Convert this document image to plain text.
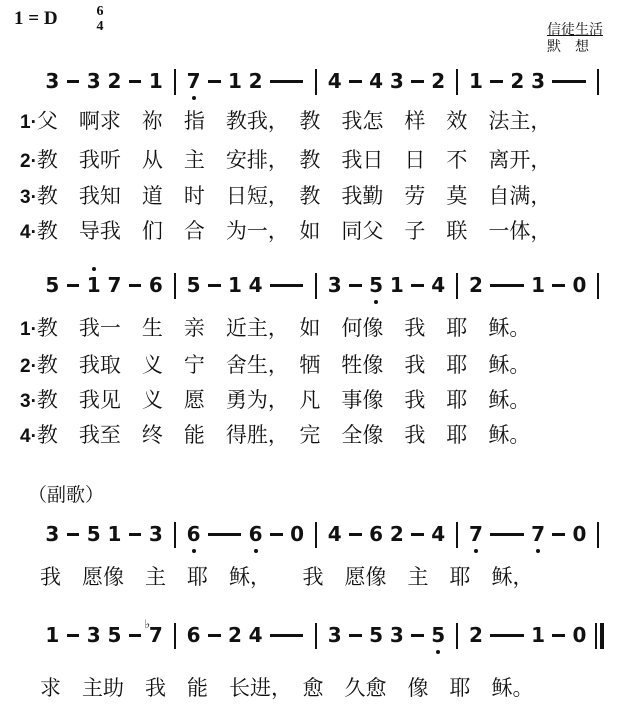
1 = D	6
4	信徒生活
默想
3 3 2 1 7 1 2	4 4 3 2 1 2 3
1·父　啊求　祢　指　教我，　教　我怎　样　效　法主，
2·教　我听　从　主　安排，　教　我日　日　不　离开，
3·教　我知　道　时　日短，　教　我勤　劳　莫　自满，
4·教　导我　们　合　为一，　如　同父　子　联　一体，
5 1 7 6 5 1 4	3 5 1 4 2 1 0
1·教　我一　生　亲　近主，　如　何像　我　耶　稣。
2·教　我取　义　宁　舍生，　牺　牲像　我　耶　稣。
3·教　我见　义　愿　勇为，　凡　事像　我　耶　稣。
4·教　我至　终　能　得胜，　完　全像　我　耶　稣。
（副歌）
3 5 1 3 6 6 0 4 6 2 4 7 7 0
我　愿像　主　耶　稣，　　我　愿像　主　耶　稣，
1 3 5 7
♭ 6 2 4	3 5 3 5 2 1 0
求　主助　我　能　长进，　愈　久愈　像　耶　稣。
